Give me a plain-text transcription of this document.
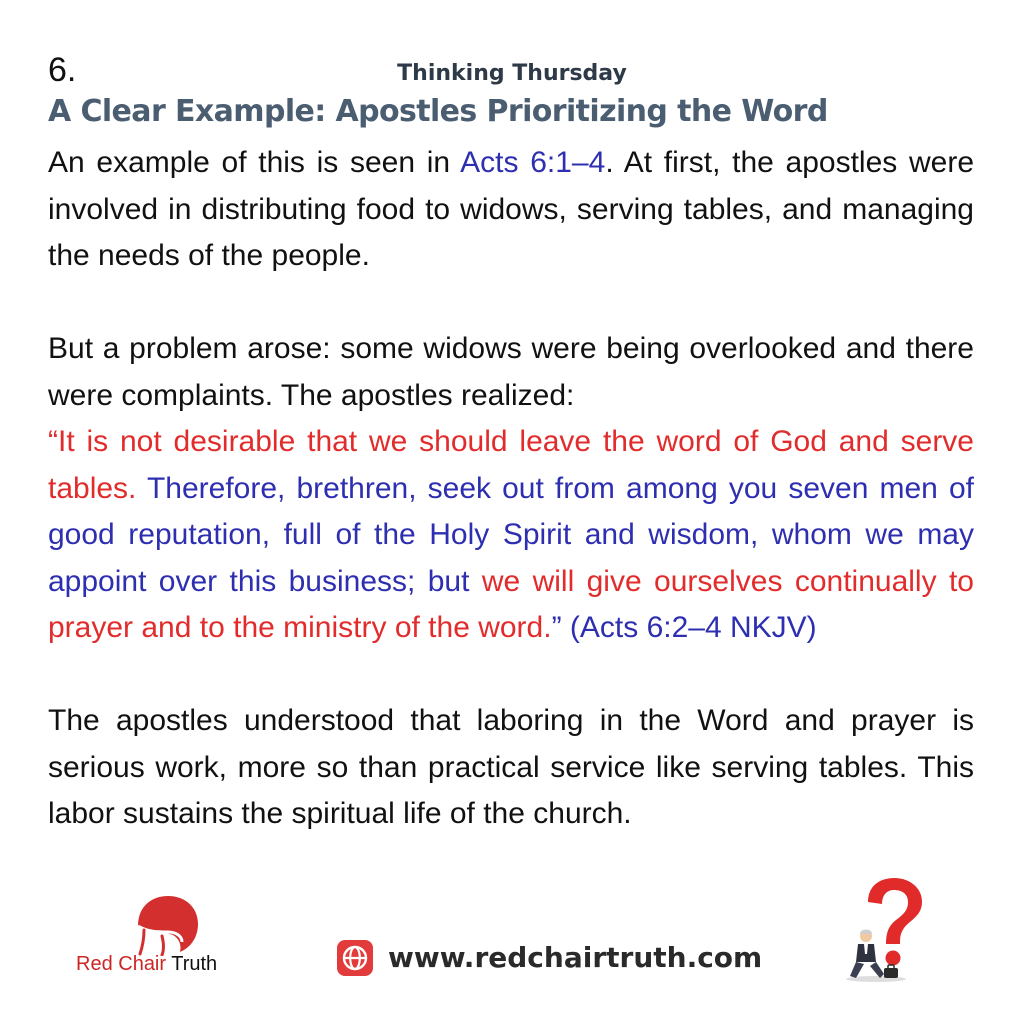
6.	Thinking Thursday
A Clear Example: Apostles Prioritizing the Word

An example of this is seen in Acts 6:1–4. At first, the apostles were involved in distributing food to widows, serving tables, and managing the needs of the people.

But a problem arose: some widows were being overlooked and there were complaints. The apostles realized:
“It is not desirable that we should leave the word of God and serve tables. Therefore, brethren, seek out from among you seven men of good reputation, full of the Holy Spirit and wisdom, whom we may appoint over this business; but we will give ourselves continually to prayer and to the ministry of the word.” (Acts 6:2–4 NKJV)

The apostles understood that laboring in the Word and prayer is serious work, more so than practical service like serving tables. This labor sustains the spiritual life of the church.

Red Chair Truth	www.redchairtruth.com
